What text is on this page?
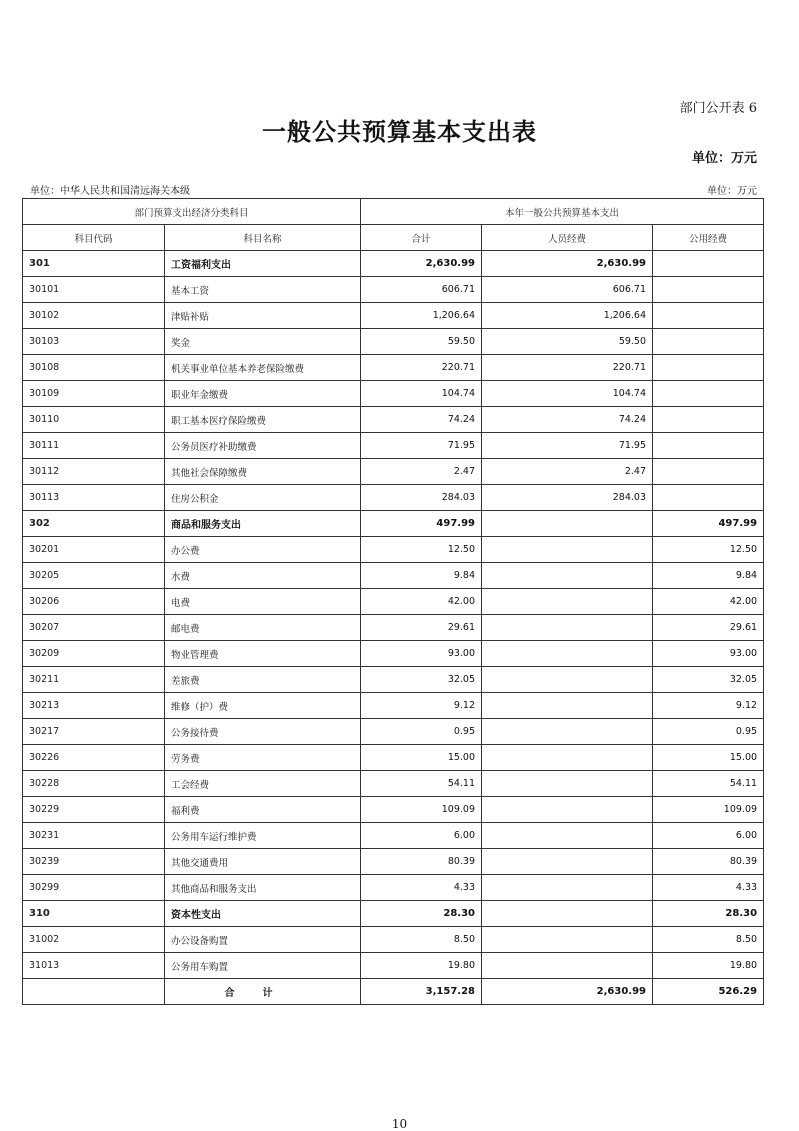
部门公开表 6
一般公共预算基本支出表
单位：万元
单位：中华人民共和国清远海关本级	单位：万元
部门预算支出经济分类科目		本年一般公共预算基本支出		
科目代码	科目名称	合计	人员经费	公用经费
301	工资福利支出	2,630.99	2,630.99	
30101	基本工资	606.71	606.71	
30102	津贴补贴	1,206.64	1,206.64	
30103	奖金	59.50	59.50	
30108	机关事业单位基本养老保险缴费	220.71	220.71	
30109	职业年金缴费	104.74	104.74	
30110	职工基本医疗保险缴费	74.24	74.24	
30111	公务员医疗补助缴费	71.95	71.95	
30112	其他社会保障缴费	2.47	2.47	
30113	住房公积金	284.03	284.03	
302	商品和服务支出	497.99		497.99
30201	办公费	12.50		12.50
30205	水费	9.84		9.84
30206	电费	42.00		42.00
30207	邮电费	29.61		29.61
30209	物业管理费	93.00		93.00
30211	差旅费	32.05		32.05
30213	维修（护）费	9.12		9.12
30217	公务接待费	0.95		0.95
30226	劳务费	15.00		15.00
30228	工会经费	54.11		54.11
30229	福利费	109.09		109.09
30231	公务用车运行维护费	6.00		6.00
30239	其他交通费用	80.39		80.39
30299	其他商品和服务支出	4.33		4.33
310	资本性支出	28.30		28.30
31002	办公设备购置	8.50		8.50
31013	公务用车购置	19.80		19.80
	合计	3,157.28	2,630.99	526.29
10
